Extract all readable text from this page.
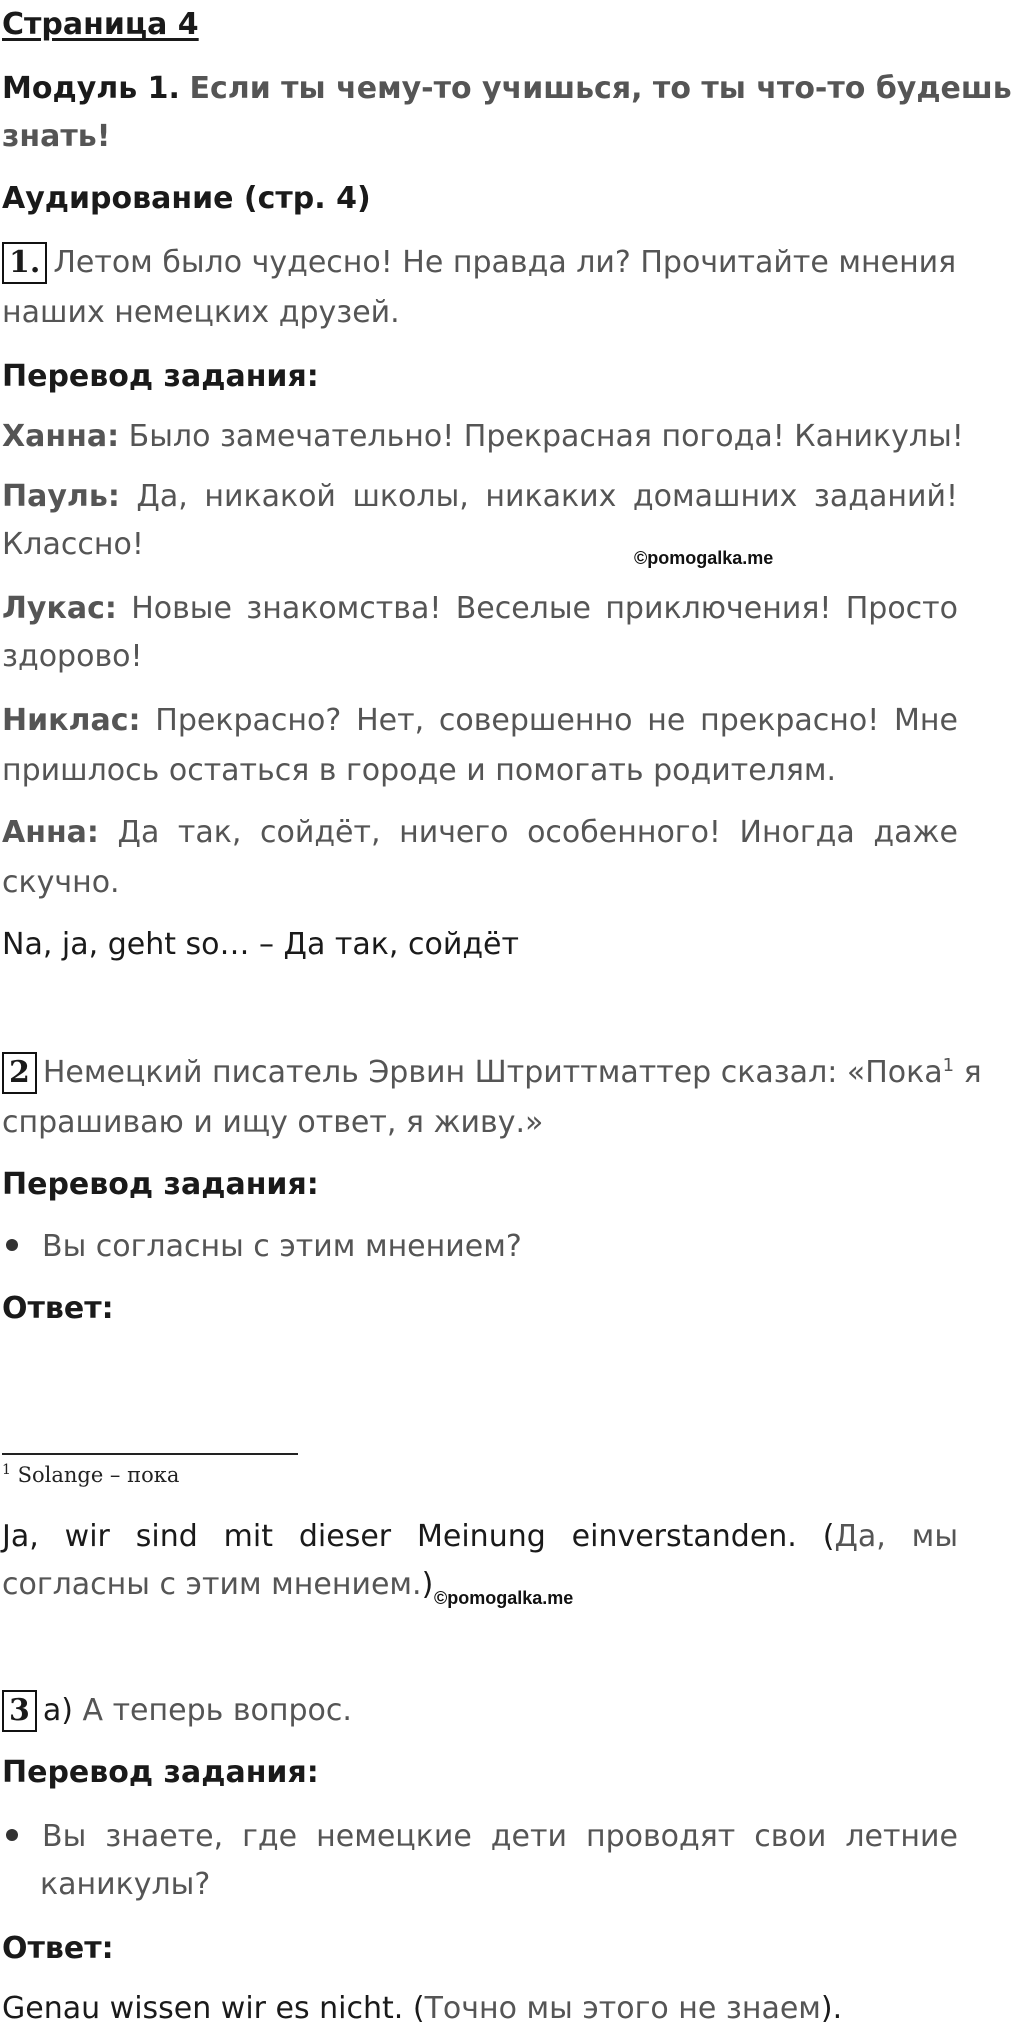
Страница 4
Модуль 1. Если ты чему-то учишься, то ты что-то будешь
знать!
Аудирование (стр. 4)
1. Летом было чудесно! Не правда ли? Прочитайте мнения
наших немецких друзей.
Перевод задания:
Ханна: Было замечательно! Прекрасная погода! Каникулы!
Пауль: Да, никакой школы, никаких домашних заданий!
Классно!	©pomogalka.me
Лукас: Новые знакомства! Веселые приключения! Просто
здорово!
Никлас: Прекрасно? Нет, совершенно не прекрасно! Мне
пришлось остаться в городе и помогать родителям.
Анна: Да так, сойдёт, ничего особенного! Иногда даже
скучно.
Na, ja, geht so… – Да так, сойдёт
2 Немецкий писатель Эрвин Штриттматтер сказал: «Пока$^1$ я
спрашиваю и ищу ответ, я живу.»
Перевод задания:
Вы согласны с этим мнением?
Ответ:
$^1$ Solange – пока
Ja, wir sind mit dieser Meinung einverstanden. (Да, мы
согласны с этим мнением.) ©pomogalka.me
3 а) А теперь вопрос.
Перевод задания:
Вы знаете, где немецкие дети проводят свои летние
каникулы?
Ответ:
Genau wissen wir es nicht. (Точно мы этого не знаем).
